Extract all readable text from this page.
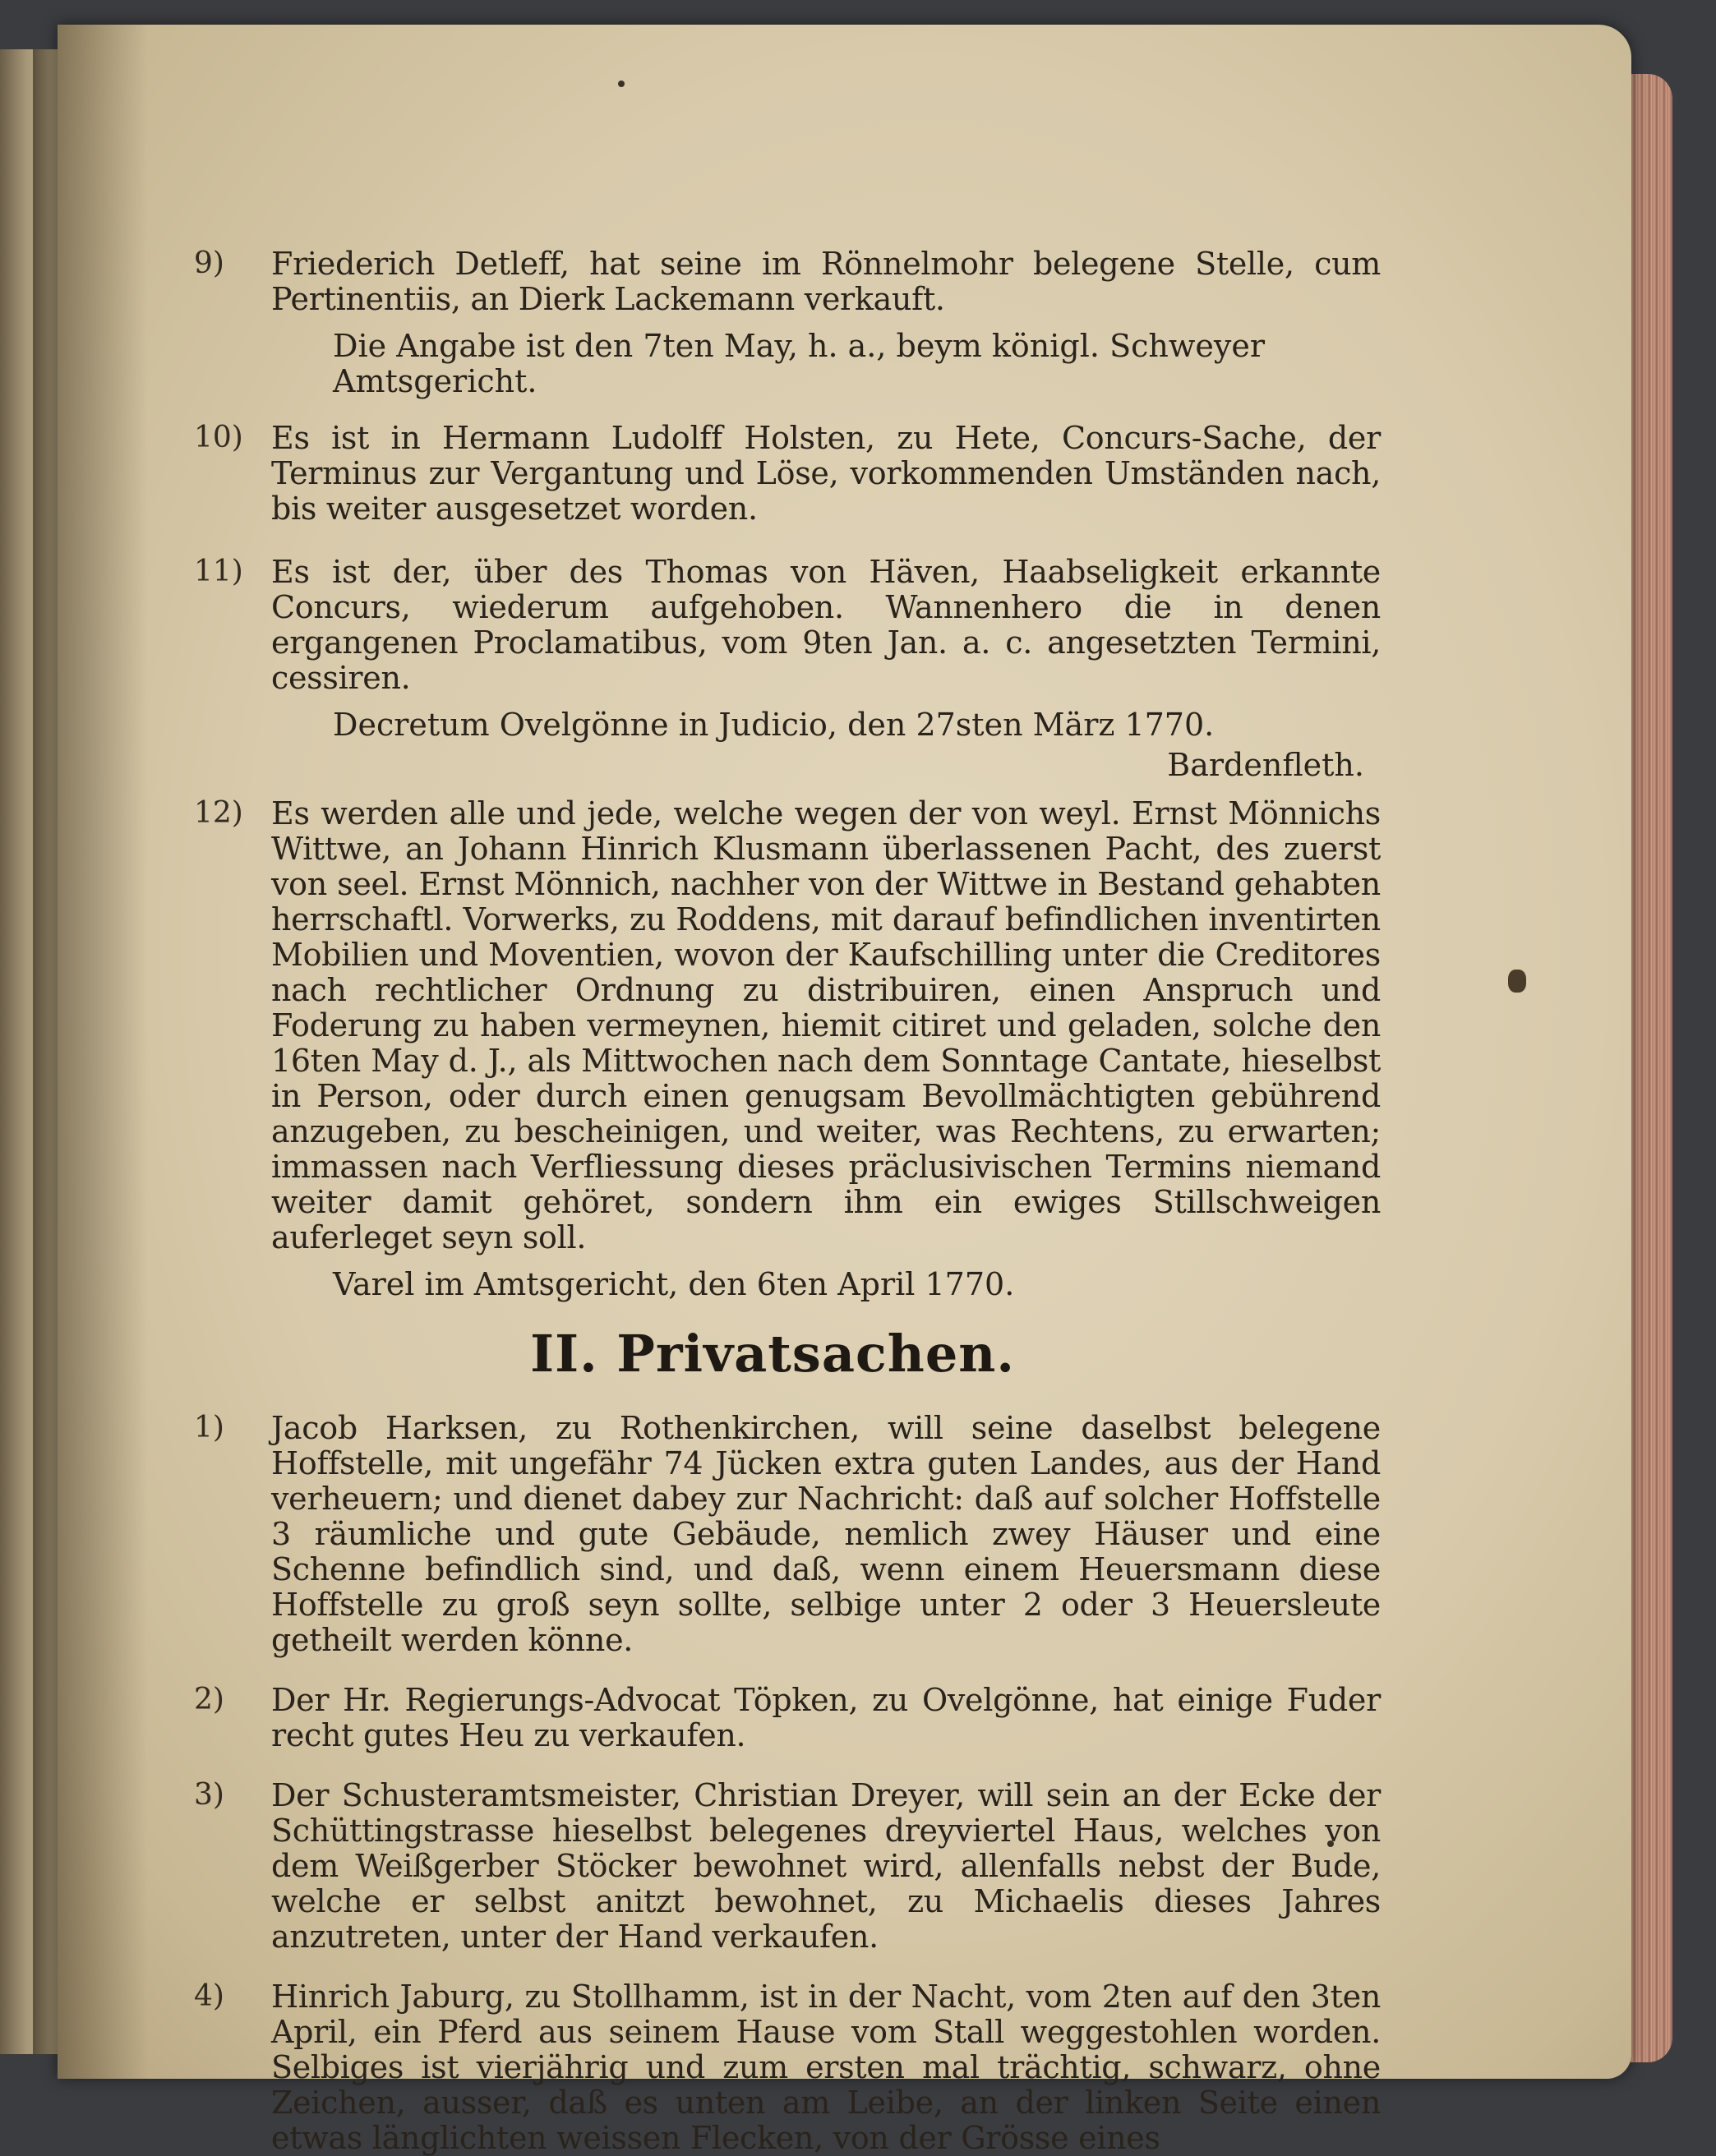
9) Friederich Detleff, hat seine im Rönnelmohr belegene Stelle, cum Pertinentiis, an Dierk Lackemann verkauft.

Die Angabe ist den 7ten May, h. a., beym königl. Schweyer Amtsgericht.

10) Es ist in Hermann Ludolff Holsten, zu Hete, Concurs-Sache, der Terminus zur Vergantung und Löse, vorkommenden Umständen nach, bis weiter ausgesetzet worden.

11) Es ist der, über des Thomas von Häven, Haabseligkeit erkannte Concurs, wiederum aufgehoben. Wannenhero die in denen ergangenen Proclamatibus, vom 9ten Jan. a. c. angesetzten Termini, cessiren.

Decretum Ovelgönne in Judicio, den 27sten März 1770.

Bardenfleth.

12) Es werden alle und jede, welche wegen der von weyl. Ernst Mönnichs Wittwe, an Johann Hinrich Klusmann überlassenen Pacht, des zuerst von seel. Ernst Mönnich, nachher von der Wittwe in Bestand gehabten herrschaftl. Vorwerks, zu Roddens, mit darauf befindlichen inventirten Mobilien und Moventien, wovon der Kaufschilling unter die Creditores nach rechtlicher Ordnung zu distribuiren, einen Anspruch und Foderung zu haben vermeynen, hiemit citiret und geladen, solche den 16ten May d. J., als Mittwochen nach dem Sonntage Cantate, hieselbst in Person, oder durch einen genugsam Bevollmächtigten gebührend anzugeben, zu bescheinigen, und weiter, was Rechtens, zu erwarten; immassen nach Verfliessung dieses präclusivischen Termins niemand weiter damit gehöret, sondern ihm ein ewiges Stillschweigen auferleget seyn soll.

Varel im Amtsgericht, den 6ten April 1770.

II. Privatsachen.
1) Jacob Harksen, zu Rothenkirchen, will seine daselbst belegene Hoffstelle, mit ungefähr 74 Jücken extra guten Landes, aus der Hand verheuern; und dienet dabey zur Nachricht: daß auf solcher Hoffstelle 3 räumliche und gute Gebäude, nemlich zwey Häuser und eine Schenne befindlich sind, und daß, wenn einem Heuersmann diese Hoffstelle zu groß seyn sollte, selbige unter 2 oder 3 Heuersleute getheilt werden könne.

2) Der Hr. Regierungs-Advocat Töpken, zu Ovelgönne, hat einige Fuder recht gutes Heu zu verkaufen.

3) Der Schusteramtsmeister, Christian Dreyer, will sein an der Ecke der Schüttingstrasse hieselbst belegenes dreyviertel Haus, welches von dem Weißgerber Stöcker bewohnet wird, allenfalls nebst der Bude, welche er selbst anitzt bewohnet, zu Michaelis dieses Jahres anzutreten, unter der Hand verkaufen.

4) Hinrich Jaburg, zu Stollhamm, ist in der Nacht, vom 2ten auf den 3ten April, ein Pferd aus seinem Hause vom Stall weggestohlen worden. Selbiges ist vierjährig und zum ersten mal trächtig, schwarz, ohne Zeichen, ausser, daß es unten am Leibe, an der linken Seite einen etwas länglichten weissen Flecken, von der Grösse eines
